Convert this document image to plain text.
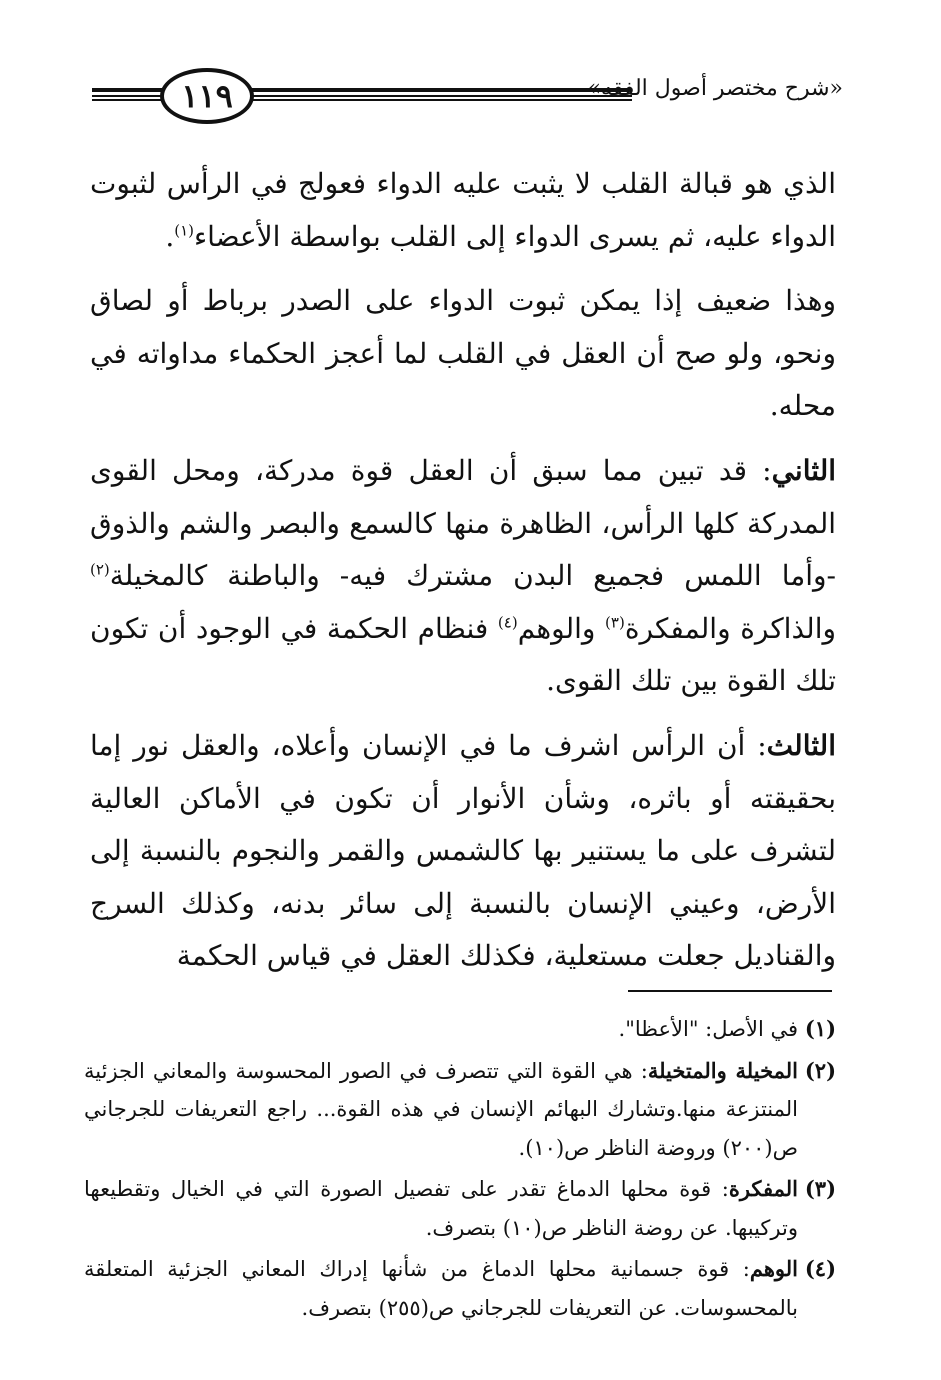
١١٩	«شرح مختصر أصول الفقه»

الذي هو قبالة القلب لا يثبت عليه الدواء فعولج في الرأس لثبوت الدواء عليه، ثم يسرى الدواء إلى القلب بواسطة الأعضاء$^{(١)}$.

وهذا ضعيف إذا يمكن ثبوت الدواء على الصدر برباط أو لصاق ونحو، ولو صح أن العقل في القلب لما أعجز الحكماء مداواته في محله.

الثاني: قد تبين مما سبق أن العقل قوة مدركة، ومحل القوى المدركة كلها الرأس، الظاهرة منها كالسمع والبصر والشم والذوق -وأما اللمس فجميع البدن مشترك فيه- والباطنة كالمخيلة$^{(٢)}$ والذاكرة والمفكرة$^{(٣)}$ والوهم$^{(٤)}$ فنظام الحكمة في الوجود أن تكون تلك القوة بين تلك القوى.

الثالث: أن الرأس اشرف ما في الإنسان وأعلاه، والعقل نور إما بحقيقته أو باثره، وشأن الأنوار أن تكون في الأماكن العالية لتشرف على ما يستنير بها كالشمس والقمر والنجوم بالنسبة إلى الأرض، وعيني الإنسان بالنسبة إلى سائر بدنه، وكذلك السرج والقناديل جعلت مستعلية، فكذلك العقل في قياس الحكمة

(١)
في الأصل: "الأعظا".
(٢)
المخيلة والمتخيلة: هي القوة التي تتصرف في الصور المحسوسة والمعاني الجزئية المنتزعة منها.وتشارك البهائم الإنسان في هذه القوة... راجع التعريفات للجرجاني ص(٢٠٠) وروضة الناظر ص(١٠).
(٣)
المفكرة: قوة محلها الدماغ تقدر على تفصيل الصورة التي في الخيال وتقطيعها وتركيبها. عن روضة الناظر ص(١٠) بتصرف.
(٤)
الوهم: قوة جسمانية محلها الدماغ من شأنها إدراك المعاني الجزئية المتعلقة بالمحسوسات. عن التعريفات للجرجاني ص(٢٥٥) بتصرف.
